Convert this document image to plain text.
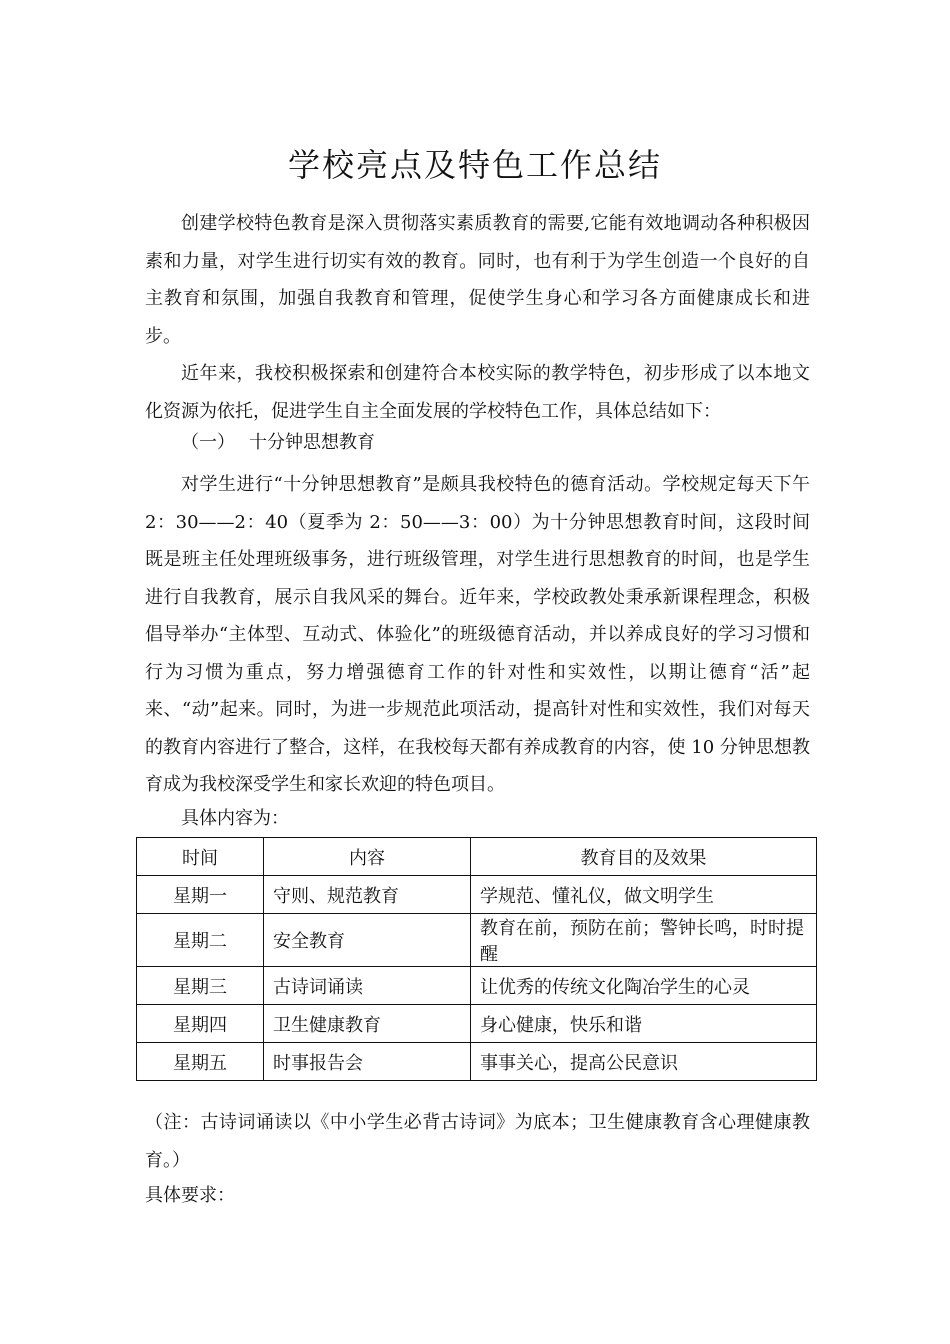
学校亮点及特色工作总结

创建学校特色教育是深入贯彻落实素质教育的需要,它能有效地调动各种积极因素和力量，对学生进行切实有效的教育。同时，也有利于为学生创造一个良好的自主教育和氛围，加强自我教育和管理，促使学生身心和学习各方面健康成长和进步。

近年来，我校积极探索和创建符合本校实际的教学特色，初步形成了以本地文化资源为依托，促进学生自主全面发展的学校特色工作，具体总结如下：

（一） 十分钟思想教育

对学生进行“十分钟思想教育”是颇具我校特色的德育活动。学校规定每天下午 2：30——2：40（夏季为 2：50——3：00）为十分钟思想教育时间，这段时间既是班主任处理班级事务，进行班级管理，对学生进行思想教育的时间，也是学生进行自我教育，展示自我风采的舞台。近年来，学校政教处秉承新课程理念，积极倡导举办“主体型、互动式、体验化”的班级德育活动，并以养成良好的学习习惯和行为习惯为重点，努力增强德育工作的针对性和实效性，以期让德育“活”起来、“动”起来。同时，为进一步规范此项活动，提高针对性和实效性，我们对每天的教育内容进行了整合，这样，在我校每天都有养成教育的内容，使 10 分钟思想教育成为我校深受学生和家长欢迎的特色项目。

具体内容为：
时间	内容	教育目的及效果
星期一	守则、规范教育	学规范、懂礼仪，做文明学生
星期二	安全教育	教育在前，预防在前；警钟长鸣，时时提醒
星期三	古诗词诵读	让优秀的传统文化陶冶学生的心灵
星期四	卫生健康教育	身心健康，快乐和谐
星期五	时事报告会	事事关心，提高公民意识

（注：古诗词诵读以《中小学生必背古诗词》为底本；卫生健康教育含心理健康教育。）

具体要求：
